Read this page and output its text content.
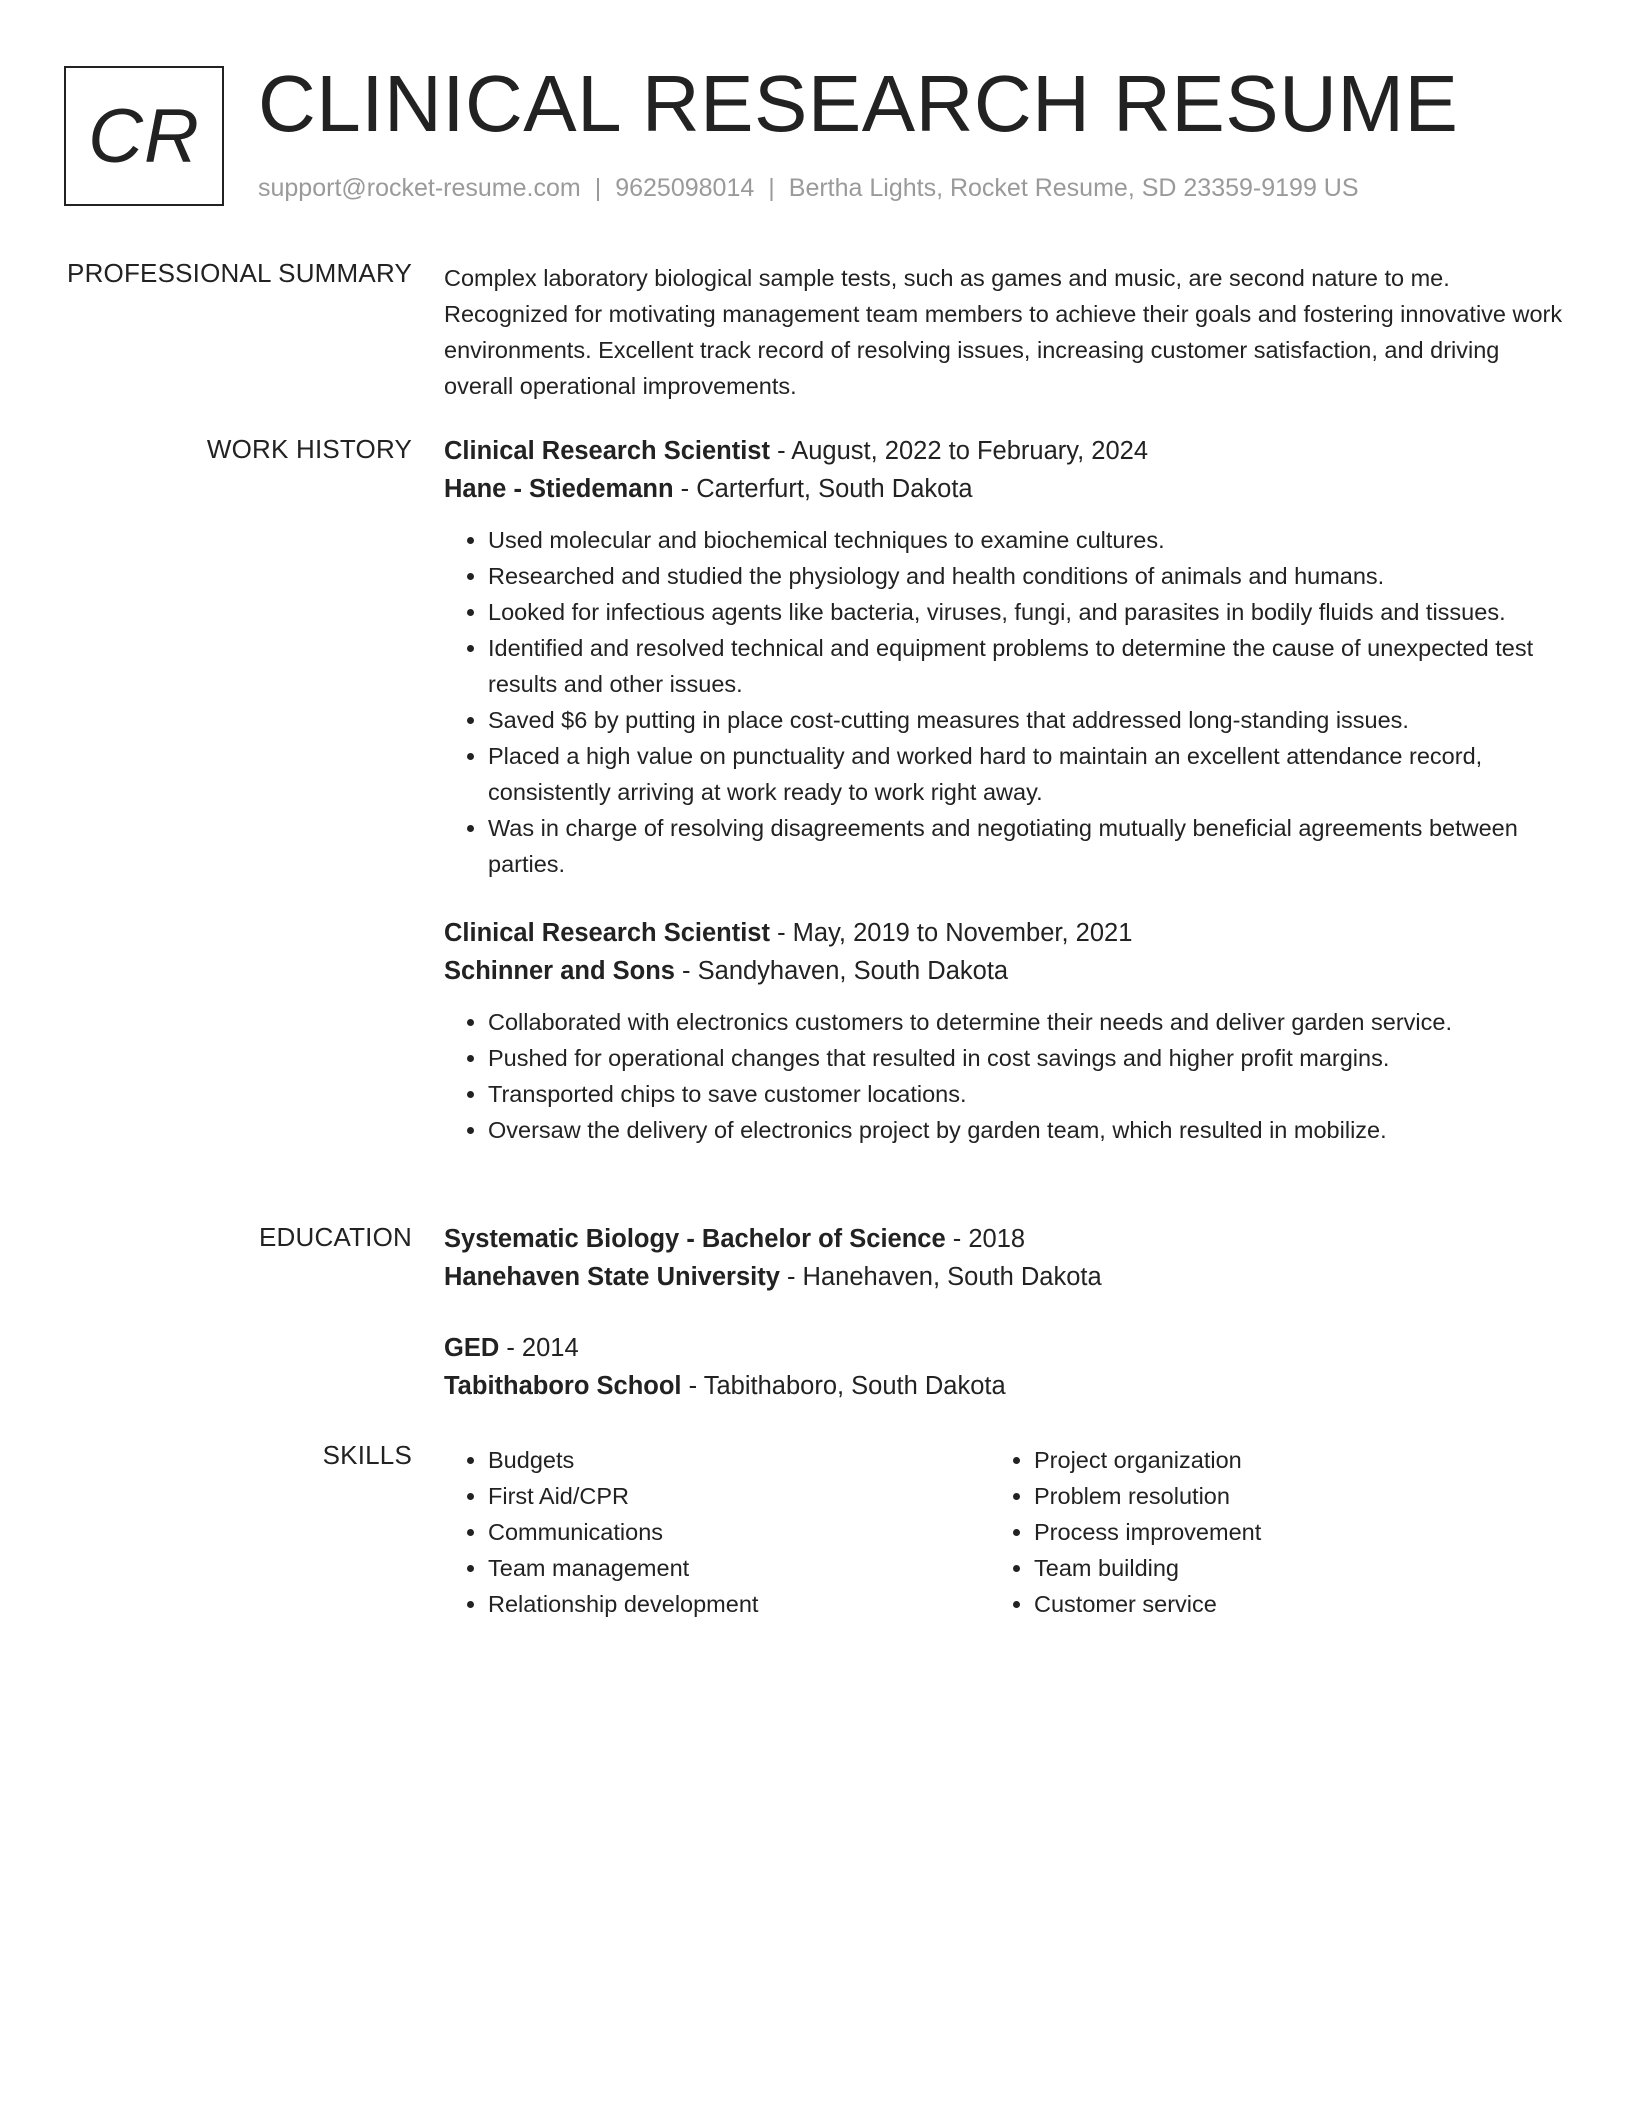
CR CLINICAL RESEARCH RESUME
support@rocket-resume.com | 9625098014 | Bertha Lights, Rocket Resume, SD 23359-9199 US
PROFESSIONAL SUMMARY Complex laboratory biological sample tests, such as games and music, are second nature to me. Recognized for motivating management team members to achieve their goals and fostering innovative work environments. Excellent track record of resolving issues, increasing customer satisfaction, and driving overall operational improvements.

WORK HISTORY Clinical Research Scientist - August, 2022 to February, 2024
Hane - Stiedemann - Carterfurt, South Dakota
• Used molecular and biochemical techniques to examine cultures.
• Researched and studied the physiology and health conditions of animals and humans.
• Looked for infectious agents like bacteria, viruses, fungi, and parasites in bodily fluids and tissues.
• Identified and resolved technical and equipment problems to determine the cause of unexpected test results and other issues.
• Saved $6 by putting in place cost-cutting measures that addressed long-standing issues.
• Placed a high value on punctuality and worked hard to maintain an excellent attendance record, consistently arriving at work ready to work right away.
• Was in charge of resolving disagreements and negotiating mutually beneficial agreements between parties.
Clinical Research Scientist - May, 2019 to November, 2021
Schinner and Sons - Sandyhaven, South Dakota
• Collaborated with electronics customers to determine their needs and deliver garden service.
• Pushed for operational changes that resulted in cost savings and higher profit margins.
• Transported chips to save customer locations.
• Oversaw the delivery of electronics project by garden team, which resulted in mobilize.
EDUCATION Systematic Biology - Bachelor of Science - 2018
Hanehaven State University - Hanehaven, South Dakota
GED - 2014
Tabithaboro School - Tabithaboro, South Dakota
SKILLS
•	Budgets
• First Aid/CPR
• Communications
• Team management
• Relationship development
• Project organization
• Problem resolution
• Process improvement
• Team building
• Customer service
